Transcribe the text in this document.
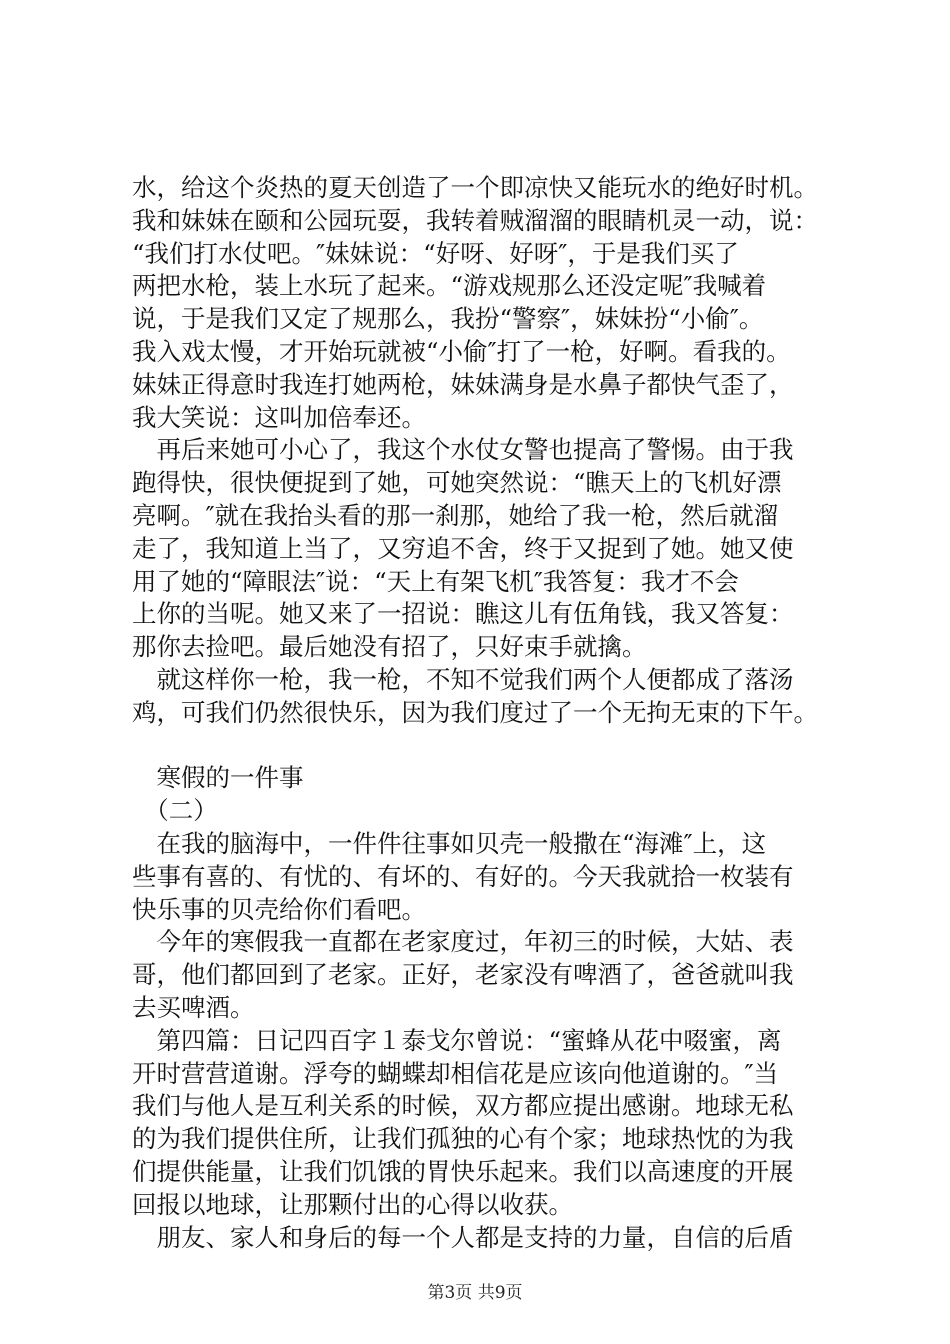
水，给这个炎热的夏天创造了一个即凉快又能玩水的绝好时机。
我和妹妹在颐和公园玩耍，我转着贼溜溜的眼睛机灵一动，说：
“我们打水仗吧。″妹妹说：“好呀、好呀″，于是我们买了
两把水枪，装上水玩了起来。“游戏规那么还没定呢″我喊着
说，于是我们又定了规那么，我扮“警察″，妹妹扮“小偷″。
我入戏太慢，才开始玩就被“小偷″打了一枪，好啊。看我的。
妹妹正得意时我连打她两枪，妹妹满身是水鼻子都快气歪了，
我大笑说：这叫加倍奉还。
　再后来她可小心了，我这个水仗女警也提高了警惕。由于我
跑得快，很快便捉到了她，可她突然说：“瞧天上的飞机好漂
亮啊。″就在我抬头看的那一刹那，她给了我一枪，然后就溜
走了，我知道上当了，又穷追不舍，终于又捉到了她。她又使
用了她的“障眼法″说：“天上有架飞机″我答复：我才不会
上你的当呢。她又来了一招说：瞧这儿有伍角钱，我又答复：
那你去捡吧。最后她没有招了，只好束手就擒。
　就这样你一枪，我一枪，不知不觉我们两个人便都成了落汤
鸡，可我们仍然很快乐，因为我们度过了一个无拘无束的下午。
　寒假的一件事
　（二）
　在我的脑海中，一件件往事如贝壳一般撒在“海滩″上，这
些事有喜的、有忧的、有坏的、有好的。今天我就拾一枚装有
快乐事的贝壳给你们看吧。
　今年的寒假我一直都在老家度过，年初三的时候，大姑、表
哥，他们都回到了老家。正好，老家没有啤酒了，爸爸就叫我
去买啤酒。
　第四篇：日记四百字１泰戈尔曾说：“蜜蜂从花中啜蜜，离
开时营营道谢。浮夸的蝴蝶却相信花是应该向他道谢的。″当
我们与他人是互利关系的时候，双方都应提出感谢。地球无私
的为我们提供住所，让我们孤独的心有个家；地球热忱的为我
们提供能量，让我们饥饿的胃快乐起来。我们以高速度的开展
回报以地球，让那颗付出的心得以收获。
　朋友、家人和身后的每一个人都是支持的力量，自信的后盾
第3页 共9页
